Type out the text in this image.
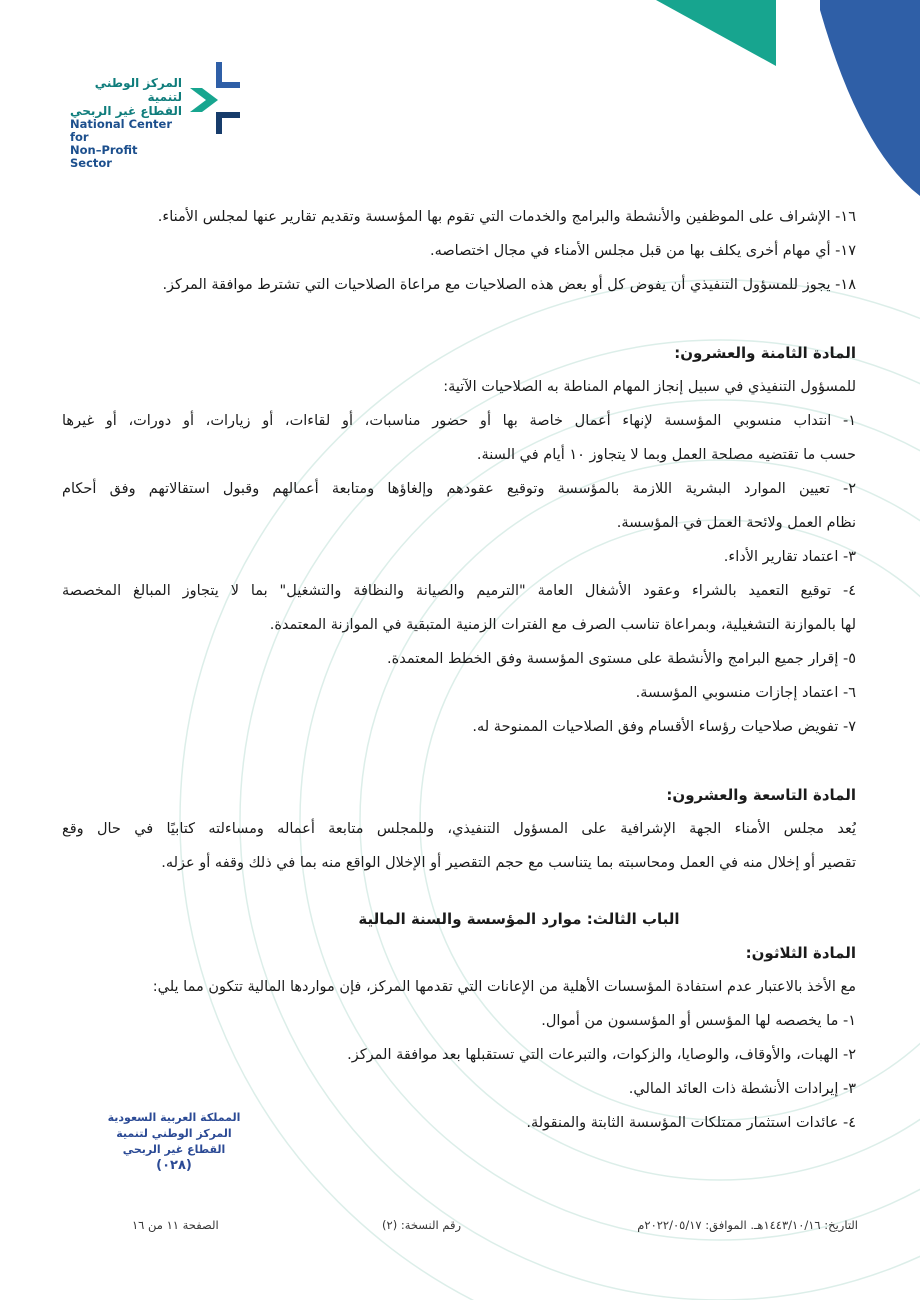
المركز الوطني لتنمية
القطاع غير الربحي
National Center for
Non–Profit Sector
١٦- الإشراف على الموظفين والأنشطة والبرامج والخدمات التي تقوم بها المؤسسة وتقديم تقارير عنها لمجلس الأمناء.
١٧- أي مهام أخرى يكلف بها من قبل مجلس الأمناء في مجال اختصاصه.
١٨- يجوز للمسؤول التنفيذي أن يفوض كل أو بعض هذه الصلاحيات مع مراعاة الصلاحيات التي تشترط موافقة المركز.
المادة الثامنة والعشرون:
للمسؤول التنفيذي في سبيل إنجاز المهام المناطة به الصلاحيات الآتية:
١- انتداب منسوبي المؤسسة لإنهاء أعمال خاصة بها أو حضور مناسبات، أو لقاءات، أو زيارات، أو دورات، أو غيرها
حسب ما تقتضيه مصلحة العمل وبما لا يتجاوز ١٠ أيام في السنة.
٢- تعيين الموارد البشرية اللازمة بالمؤسسة وتوقيع عقودهم وإلغاؤها ومتابعة أعمالهم وقبول استقالاتهم وفق أحكام
نظام العمل ولائحة العمل في المؤسسة.
٣- اعتماد تقارير الأداء.
٤- توقيع التعميد بالشراء وعقود الأشغال العامة "الترميم والصيانة والنظافة والتشغيل" بما لا يتجاوز المبالغ المخصصة
لها بالموازنة التشغيلية، وبمراعاة تناسب الصرف مع الفترات الزمنية المتبقية في الموازنة المعتمدة.
٥- إقرار جميع البرامج والأنشطة على مستوى المؤسسة وفق الخطط المعتمدة.
٦- اعتماد إجازات منسوبي المؤسسة.
٧- تفويض صلاحيات رؤساء الأقسام وفق الصلاحيات الممنوحة له.
المادة التاسعة والعشرون:
يُعد مجلس الأمناء الجهة الإشرافية على المسؤول التنفيذي، وللمجلس متابعة أعماله ومساءلته كتابيًا في حال وقع
تقصير أو إخلال منه في العمل ومحاسبته بما يتناسب مع حجم التقصير أو الإخلال الواقع منه بما في ذلك وقفه أو عزله.
الباب الثالث: موارد المؤسسة والسنة المالية
المادة الثلاثون:
مع الأخذ بالاعتبار عدم استفادة المؤسسات الأهلية من الإعانات التي تقدمها المركز، فإن مواردها المالية تتكون مما يلي:
١- ما يخصصه لها المؤسس أو المؤسسون من أموال.
٢- الهبات، والأوقاف، والوصايا، والزكوات، والتبرعات التي تستقبلها بعد موافقة المركز.
٣- إيرادات الأنشطة ذات العائد المالي.
٤- عائدات استثمار ممتلكات المؤسسة الثابتة والمنقولة.
المملكة العربية السعودية
المركز الوطني لتنمية
القطاع غير الربحي
(٠٢٨)
التاريخ: ١٤٤٣/١٠/١٦هـ. الموافق: ٢٠٢٢/٠٥/١٧م
رقم النسخة: (٢)
الصفحة ١١ من ١٦
